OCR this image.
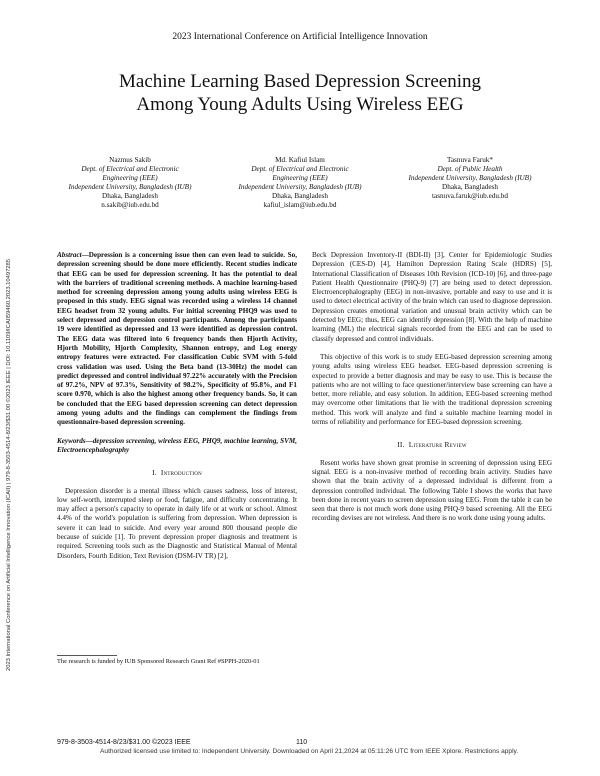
2023 International Conference on Artificial Intelligence Innovation
Machine Learning Based Depression Screening
Among Young Adults Using Wireless EEG
Nazmus Sakib
Dept. of Electrical and Electronic
Engineering (EEE)
Independent University, Bangladesh (IUB)
Dhaka, Bangladesh
n.sakib@iub.edu.bd
Md. Kafiul Islam
Dept. of Electrical and Electronic
Engineering (EEE)
Independent University, Bangladesh (IUB)
Dhaka, Bangladesh
kafiul_islam@iub.edu.bd
Tasnuva Faruk*
Dept. of Public Health
Independent University, Bangladesh (IUB)
Dhaka, Bangladesh
tasnuva.faruk@iub.edu.bd
2023 International Conference on Artificial Intelligence Innovation (ICAII) | 979-8-3503-4514-8/23/$31.00 ©2023 IEEE | DOI: 10.1109/ICAII59460.2023.10497285
Abstract—Depression is a concerning issue then can even lead to suicide. So, depression screening should be done more efficiently. Recent studies indicate that EEG can be used for depression screening. It has the potential to deal with the barriers of traditional screening methods. A machine learning-based method for screening depression among young adults using wireless EEG is proposed in this study. EEG signal was recorded using a wireless 14 channel EEG headset from 32 young adults. For initial screening PHQ9 was used to select depressed and depression control participants. Among the participants 19 were identified as depressed and 13 were identified as depression control. The EEG data was filtered into 6 frequency bands then Hjorth Activity, Hjorth Mobility, Hjorth Complexity, Shannon entropy, and Log energy entropy features were extracted. For classification Cubic SVM with 5-fold cross validation was used. Using the Beta band (13-30Hz) the model can predict depressed and control individual 97.22% accurately with the Precision of 97.2%, NPV of 97.3%, Sensitivity of 98.2%, Specificity of 95.8%, and F1 score 0.970, which is also the highest among other frequency bands. So, it can be concluded that the EEG based depression screening can detect depression among young adults and the findings can complement the findings from questionnaire-based depression screening.
Keywords—depression screening, wireless EEG, PHQ9, machine learning, SVM, Electroencephalography
I. Introduction

Depression disorder is a mental illness which causes sadness, loss of interest, low self-worth, interrupted sleep or food, fatigue, and difficulty concentrating. It may affect a person's capacity to operate in daily life or at work or school. Almost 4.4% of the world's population is suffering from depression. When depression is severe it can lead to suicide. And every year around 800 thousand people die because of suicide [1]. To prevent depression proper diagnosis and treatment is required. Screening tools such as the Diagnostic and Statistical Manual of Mental Disorders, Fourth Edition, Text Revision (DSM-IV TR) [2],

Beck Depression Inventory-II (BDI-II) [3], Center for Epidemiologic Studies Depression (CES-D) [4], Hamilton Depression Rating Scale (HDRS) [5], International Classification of Diseases 10th Revision (ICD-10) [6], and three-page Patient Health Questionnaire (PHQ-9) [7] are being used to detect depression. Electroencephalography (EEG) in non-invasive, portable and easy to use and it is used to detect electrical activity of the brain which can used to diagnose depression. Depression creates emotional variation and unusual brain activity which can be detected by EEG; thus, EEG can identify depression [8]. With the help of machine learning (ML) the electrical signals recorded from the EEG and can be used to classify depressed and control individuals.

This objective of this work is to study EEG-based depression screening among young adults using wireless EEG headset. EEG-based depression screening is expected to provide a better diagnosis and may be easy to use. This is because the patients who are not willing to face questioner/interview base screening can have a better, more reliable, and easy solution. In addition, EEG-based screening method may overcome other limitations that lie with the traditional depression screening method. This work will analyze and find a suitable machine learning model in terms of reliability and performance for EEG-based depression screening.

II. Literature Review

Resent works have shown great promise in screening of depression using EEG signal. EEG is a non-invasive method of recording brain activity. Studies have shown that the brain activity of a depressed individual is different from a depression controlled individual. The following Table I shows the works that have been done in recent years to screen depression using EEG. From the table it can be seen that there is not much work done using PHQ-9 based screening. All the EEG recording devises are not wireless. And there is no work done using young adults.

The research is funded by IUB Sponsored Research Grant Ref #SPPH-2020-01
979-8-3503-4514-8/23/$31.00 ©2023 IEEE	110
Authorized licensed use limited to: Independent University. Downloaded on April 21,2024 at 05:11:26 UTC from IEEE Xplore. Restrictions apply.
